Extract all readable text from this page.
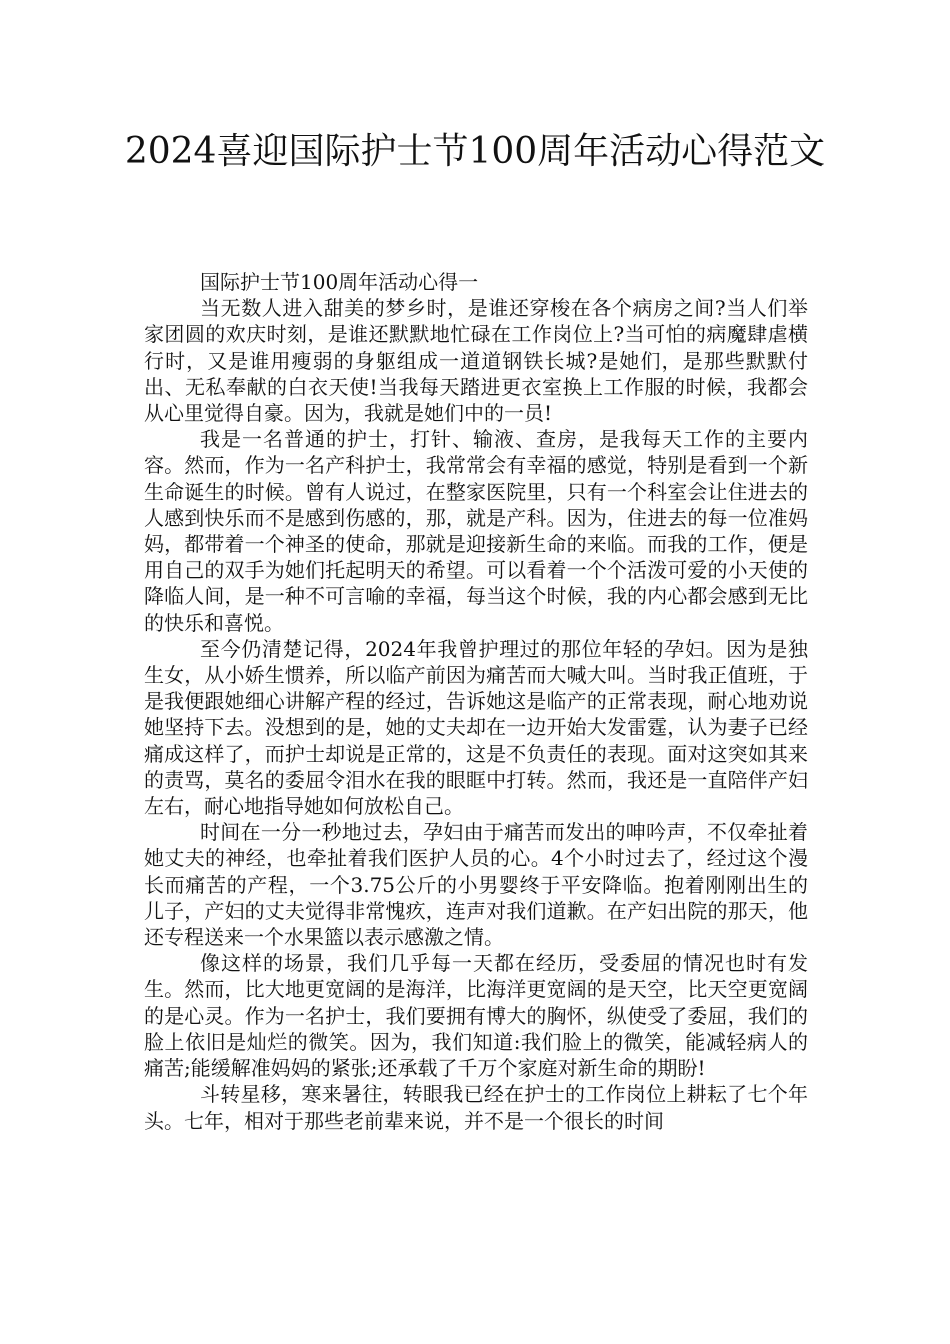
2024喜迎国际护士节100周年活动心得范文

国际护士节100周年活动心得一

当无数人进入甜美的梦乡时，是谁还穿梭在各个病房之间?当人们举家团圆的欢庆时刻，是谁还默默地忙碌在工作岗位上?当可怕的病魔肆虐横行时，又是谁用瘦弱的身躯组成一道道钢铁长城?是她们，是那些默默付出、无私奉献的白衣天使!当我每天踏进更衣室换上工作服的时候，我都会从心里觉得自豪。因为，我就是她们中的一员!

我是一名普通的护士，打针、输液、查房，是我每天工作的主要内容。然而，作为一名产科护士，我常常会有幸福的感觉，特别是看到一个新生命诞生的时候。曾有人说过，在整家医院里，只有一个科室会让住进去的人感到快乐而不是感到伤感的，那，就是产科。因为，住进去的每一位准妈妈，都带着一个神圣的使命，那就是迎接新生命的来临。而我的工作，便是用自己的双手为她们托起明天的希望。可以看着一个个活泼可爱的小天使的降临人间，是一种不可言喻的幸福，每当这个时候，我的内心都会感到无比的快乐和喜悦。

至今仍清楚记得，2024年我曾护理过的那位年轻的孕妇。因为是独生女，从小娇生惯养，所以临产前因为痛苦而大喊大叫。当时我正值班，于是我便跟她细心讲解产程的经过，告诉她这是临产的正常表现，耐心地劝说她坚持下去。没想到的是，她的丈夫却在一边开始大发雷霆，认为妻子已经痛成这样了，而护士却说是正常的，这是不负责任的表现。面对这突如其来的责骂，莫名的委屈令泪水在我的眼眶中打转。然而，我还是一直陪伴产妇左右，耐心地指导她如何放松自己。

时间在一分一秒地过去，孕妇由于痛苦而发出的呻吟声，不仅牵扯着她丈夫的神经，也牵扯着我们医护人员的心。4个小时过去了，经过这个漫长而痛苦的产程，一个3.75公斤的小男婴终于平安降临。抱着刚刚出生的儿子，产妇的丈夫觉得非常愧疚，连声对我们道歉。在产妇出院的那天，他还专程送来一个水果篮以表示感激之情。

像这样的场景，我们几乎每一天都在经历，受委屈的情况也时有发生。然而，比大地更宽阔的是海洋，比海洋更宽阔的是天空，比天空更宽阔的是心灵。作为一名护士，我们要拥有博大的胸怀，纵使受了委屈，我们的脸上依旧是灿烂的微笑。因为，我们知道:我们脸上的微笑，能减轻病人的痛苦;能缓解准妈妈的紧张;还承载了千万个家庭对新生命的期盼!

斗转星移，寒来暑往，转眼我已经在护士的工作岗位上耕耘了七个年头。七年，相对于那些老前辈来说，并不是一个很长的时间
